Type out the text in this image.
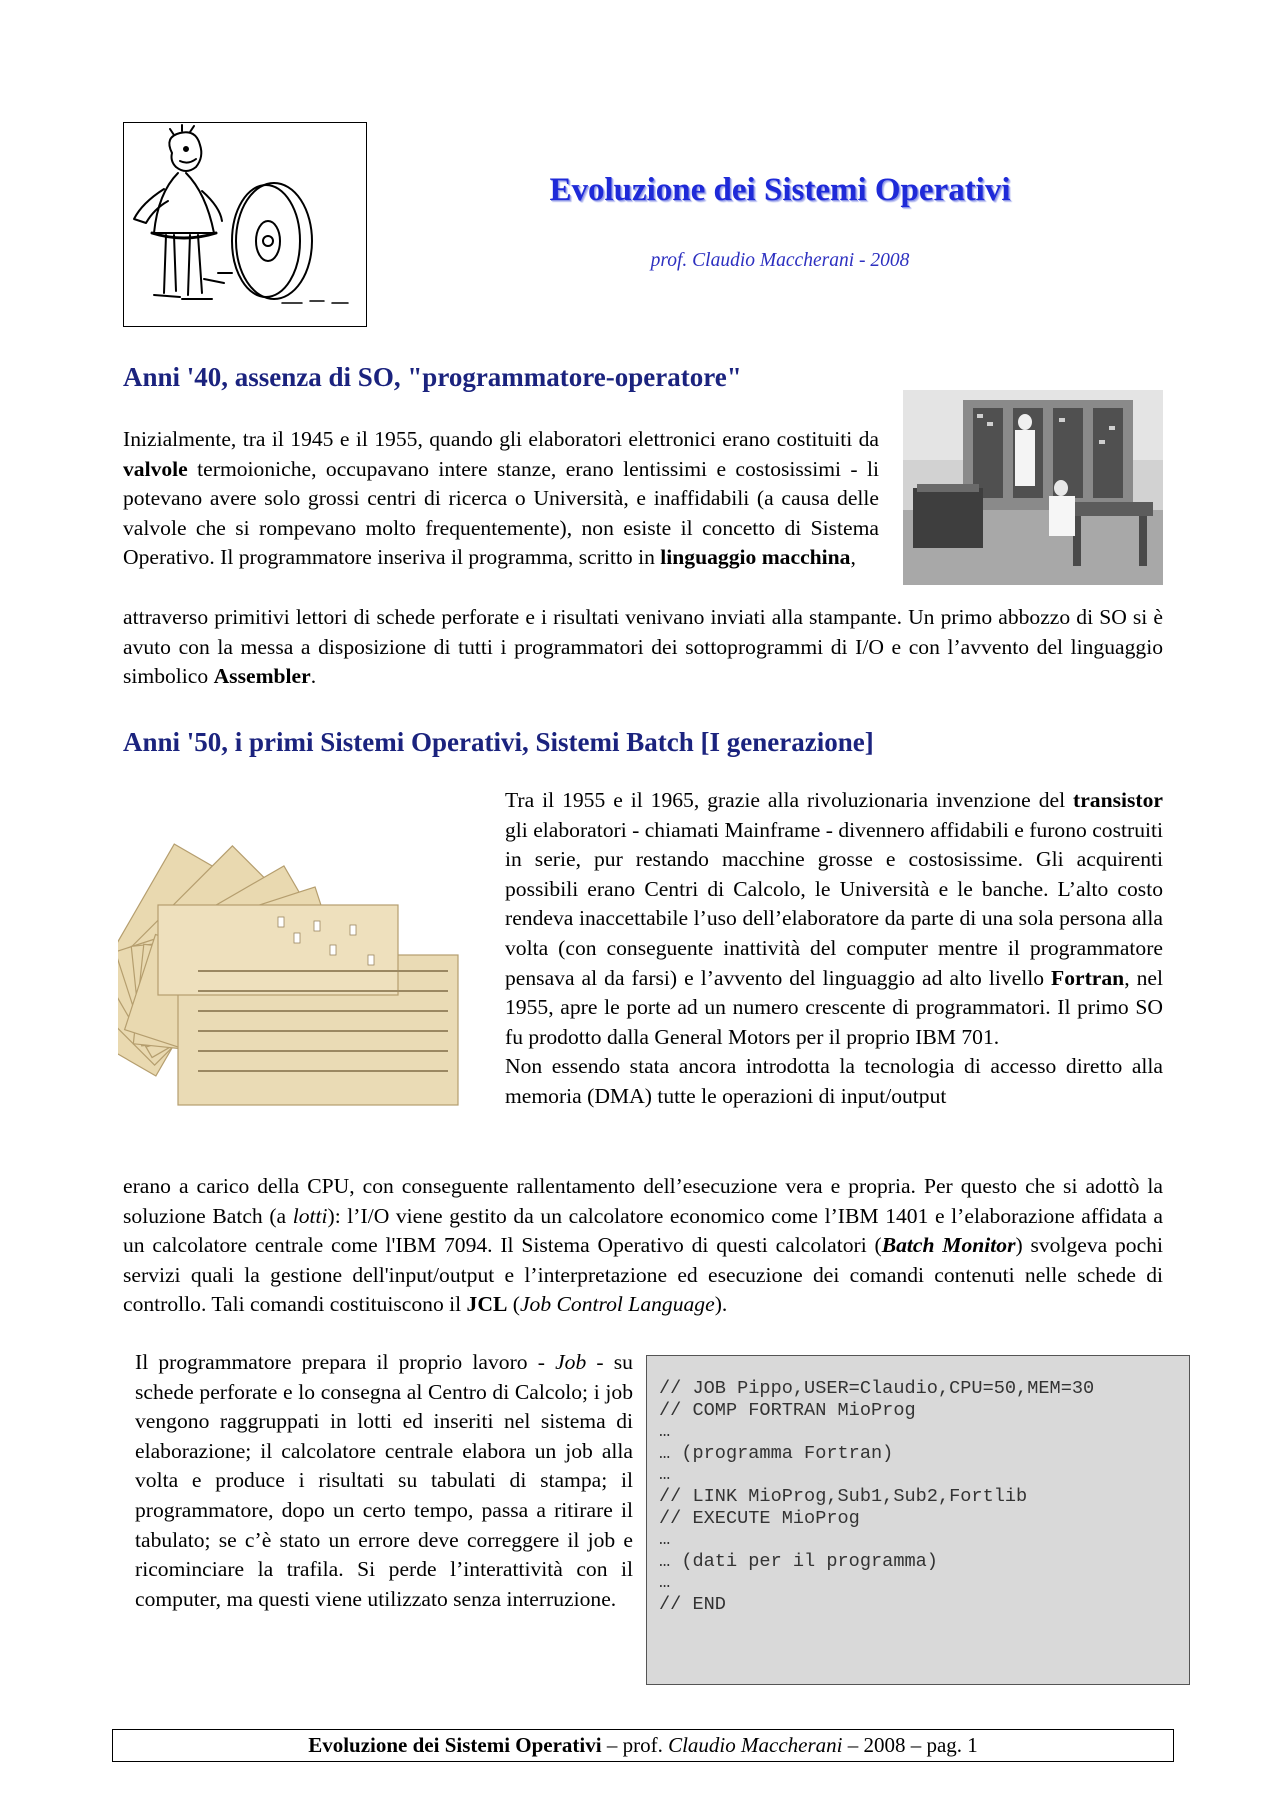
Evoluzione dei Sistemi Operativi
prof. Claudio Maccherani - 2008
Anni '40, assenza di SO, "programmatore-operatore"

Inizialmente, tra il 1945 e il 1955, quando gli elaboratori elettronici erano costituiti da valvole termoioniche, occupavano intere stanze, erano lentissimi e costosissimi - li potevano avere solo grossi centri di ricerca o Università, e inaffidabili (a causa delle valvole che si rompevano molto frequentemente), non esiste il concetto di Sistema Operativo. Il programmatore inseriva il programma, scritto in linguaggio macchina,

attraverso primitivi lettori di schede perforate e i risultati venivano inviati alla stampante. Un primo abbozzo di SO si è avuto con la messa a disposizione di tutti i programmatori dei sottoprogrammi di I/O e con l’avvento del linguaggio simbolico Assembler.

Anni '50, i primi Sistemi Operativi, Sistemi Batch [I generazione]

Tra il 1955 e il 1965, grazie alla rivoluzionaria invenzione del transistor gli elaboratori - chiamati Mainframe - divennero affidabili e furono costruiti in serie, pur restando macchine grosse e costosissime. Gli acquirenti possibili erano Centri di Calcolo, le Università e le banche. L’alto costo rendeva inaccettabile l’uso dell’elaboratore da parte di una sola persona alla volta (con conseguente inattività del computer mentre il programmatore pensava al da farsi) e l’avvento del linguaggio ad alto livello Fortran, nel 1955, apre le porte ad un numero crescente di programmatori. Il primo SO fu prodotto dalla General Motors per il proprio IBM 701.
Non essendo stata ancora introdotta la tecnologia di accesso diretto alla memoria (DMA) tutte le operazioni di input/output

erano a carico della CPU, con conseguente rallentamento dell’esecuzione vera e propria. Per questo che si adottò la soluzione Batch (a lotti): l’I/O viene gestito da un calcolatore economico come l’IBM 1401 e l’elaborazione affidata a un calcolatore centrale come l'IBM 7094. Il Sistema Operativo di questi calcolatori (Batch Monitor) svolgeva pochi servizi quali la gestione dell'input/output e l’interpretazione ed esecuzione dei comandi contenuti nelle schede di controllo. Tali comandi costituiscono il JCL (Job Control Language).

Il programmatore prepara il proprio lavoro - Job - su schede perforate e lo consegna al Centro di Calcolo; i job vengono raggruppati in lotti ed inseriti nel sistema di elaborazione; il calcolatore centrale elabora un job alla volta e produce i risultati su tabulati di stampa; il programmatore, dopo un certo tempo, passa a ritirare il tabulato; se c’è stato un errore deve correggere il job e ricominciare la trafila. Si perde l’interattività con il computer, ma questi viene utilizzato senza interruzione.

// JOB Pippo,USER=Claudio,CPU=50,MEM=30
// COMP FORTRAN MioProg
…
… (programma Fortran)
…
// LINK MioProg,Sub1,Sub2,Fortlib
// EXECUTE MioProg
…
… (dati per il programma)
…
// END
Evoluzione dei Sistemi Operativi – prof. Claudio Maccherani – 2008 – pag. 1
